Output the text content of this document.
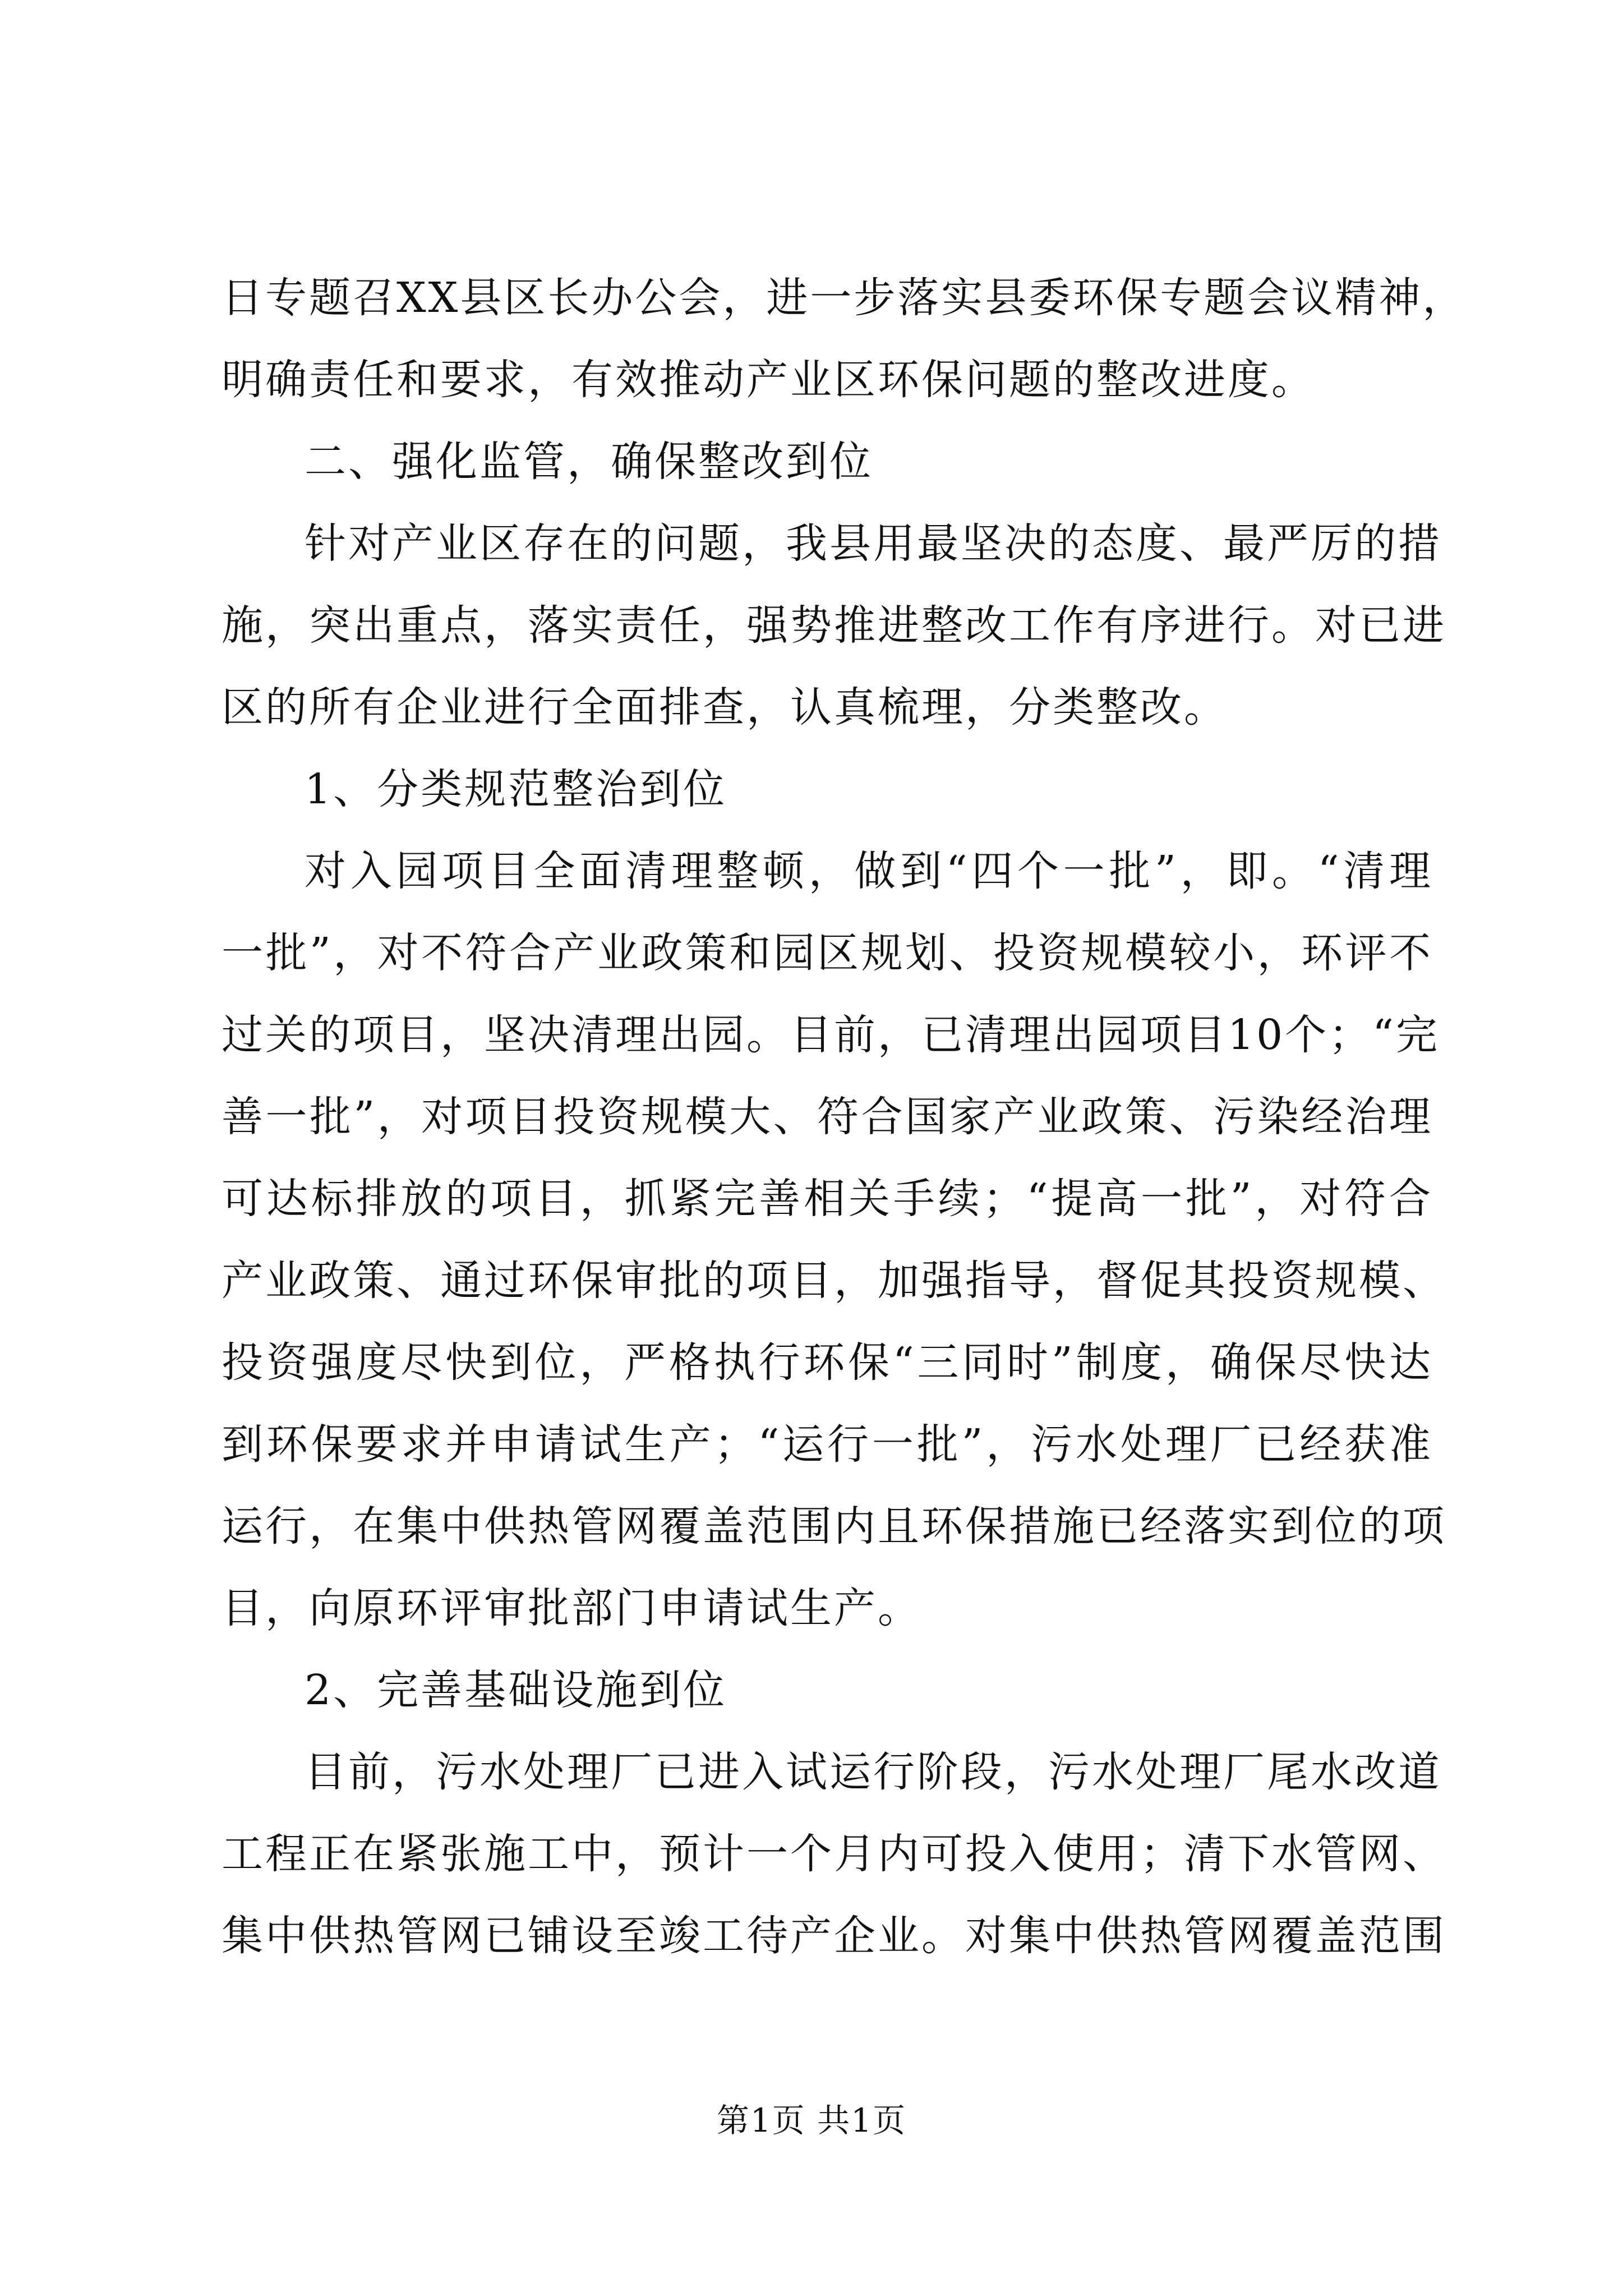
日专题召XX县区长办公会，进一步落实县委环保专题会议精神，
明确责任和要求，有效推动产业区环保问题的整改进度。
二、强化监管，确保整改到位
针对产业区存在的问题，我县用最坚决的态度、最严厉的措
施，突出重点，落实责任，强势推进整改工作有序进行。对已进
区的所有企业进行全面排查，认真梳理，分类整改。
1、分类规范整治到位
对入园项目全面清理整顿，做到“四个一批”，即。“清理
一批”，对不符合产业政策和园区规划、投资规模较小，环评不
过关的项目，坚决清理出园。目前，已清理出园项目10个；“完
善一批”，对项目投资规模大、符合国家产业政策、污染经治理
可达标排放的项目，抓紧完善相关手续；“提高一批”，对符合
产业政策、通过环保审批的项目，加强指导，督促其投资规模、
投资强度尽快到位，严格执行环保“三同时”制度，确保尽快达
到环保要求并申请试生产；“运行一批”，污水处理厂已经获准
运行，在集中供热管网覆盖范围内且环保措施已经落实到位的项
目，向原环评审批部门申请试生产。
2、完善基础设施到位
目前，污水处理厂已进入试运行阶段，污水处理厂尾水改道
工程正在紧张施工中，预计一个月内可投入使用；清下水管网、
集中供热管网已铺设至竣工待产企业。对集中供热管网覆盖范围
第1页 共1页
